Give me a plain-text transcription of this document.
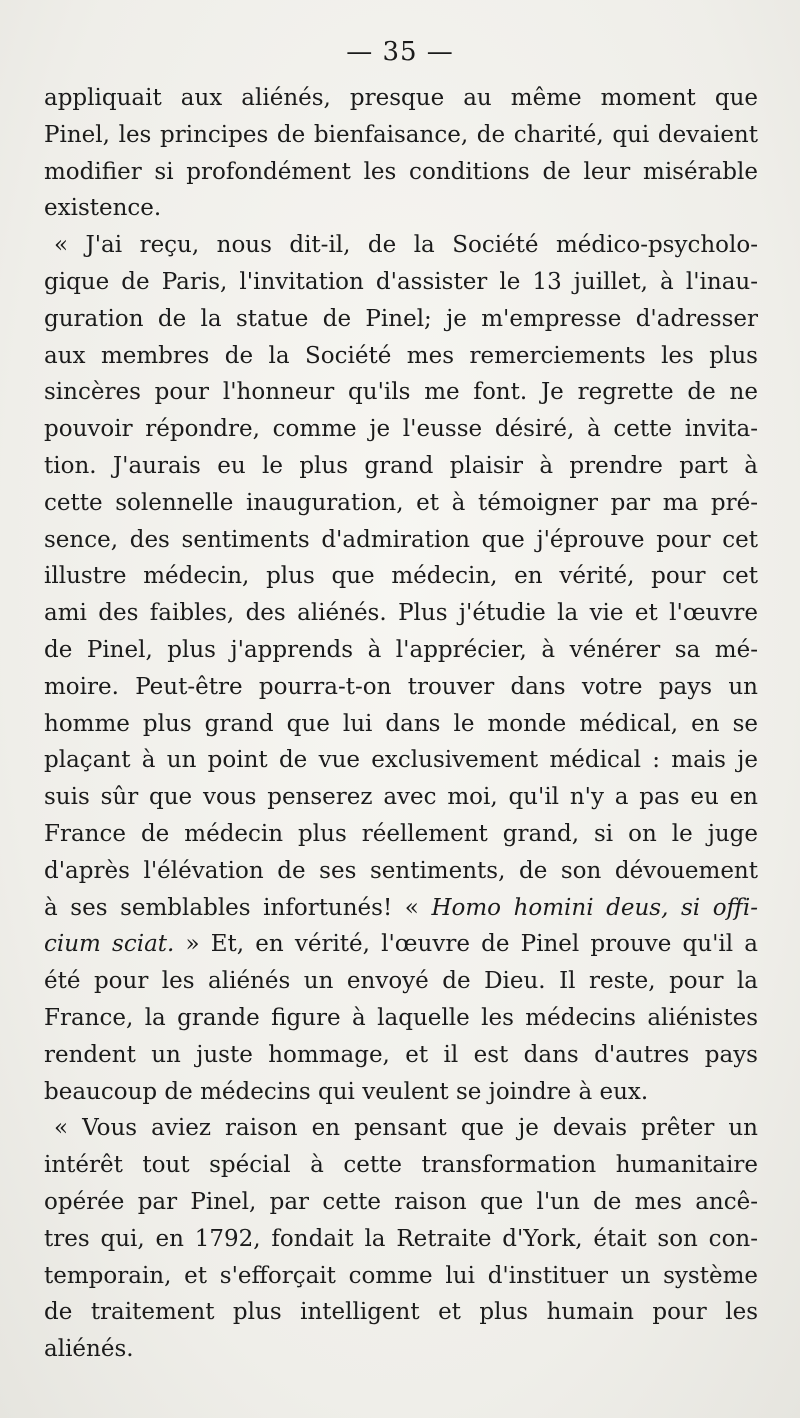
— 35 —
appliquait aux aliénés, presque au même moment que
Pinel, les principes de bienfaisance, de charité, qui devaient
modifier si profondément les conditions de leur misérable
existence.
« J'ai reçu, nous dit-il, de la Société médico-psycholo-
gique de Paris, l'invitation d'assister le 13 juillet, à l'inau-
guration de la statue de Pinel; je m'empresse d'adresser
aux membres de la Société mes remerciements les plus
sincères pour l'honneur qu'ils me font. Je regrette de ne
pouvoir répondre, comme je l'eusse désiré, à cette invita-
tion. J'aurais eu le plus grand plaisir à prendre part à
cette solennelle inauguration, et à témoigner par ma pré-
sence, des sentiments d'admiration que j'éprouve pour cet
illustre médecin, plus que médecin, en vérité, pour cet
ami des faibles, des aliénés. Plus j'étudie la vie et l'œuvre
de Pinel, plus j'apprends à l'apprécier, à vénérer sa mé-
moire. Peut-être pourra-t-on trouver dans votre pays un
homme plus grand que lui dans le monde médical, en se
plaçant à un point de vue exclusivement médical : mais je
suis sûr que vous penserez avec moi, qu'il n'y a pas eu en
France de médecin plus réellement grand, si on le juge
d'après l'élévation de ses sentiments, de son dévouement
à ses semblables infortunés! « Homo homini deus, si offi-
cium sciat. » Et, en vérité, l'œuvre de Pinel prouve qu'il a
été pour les aliénés un envoyé de Dieu. Il reste, pour la
France, la grande figure à laquelle les médecins aliénistes
rendent un juste hommage, et il est dans d'autres pays
beaucoup de médecins qui veulent se joindre à eux.
« Vous aviez raison en pensant que je devais prêter un
intérêt tout spécial à cette transformation humanitaire
opérée par Pinel, par cette raison que l'un de mes ancê-
tres qui, en 1792, fondait la Retraite d'York, était son con-
temporain, et s'efforçait comme lui d'instituer un système
de traitement plus intelligent et plus humain pour les
aliénés.
